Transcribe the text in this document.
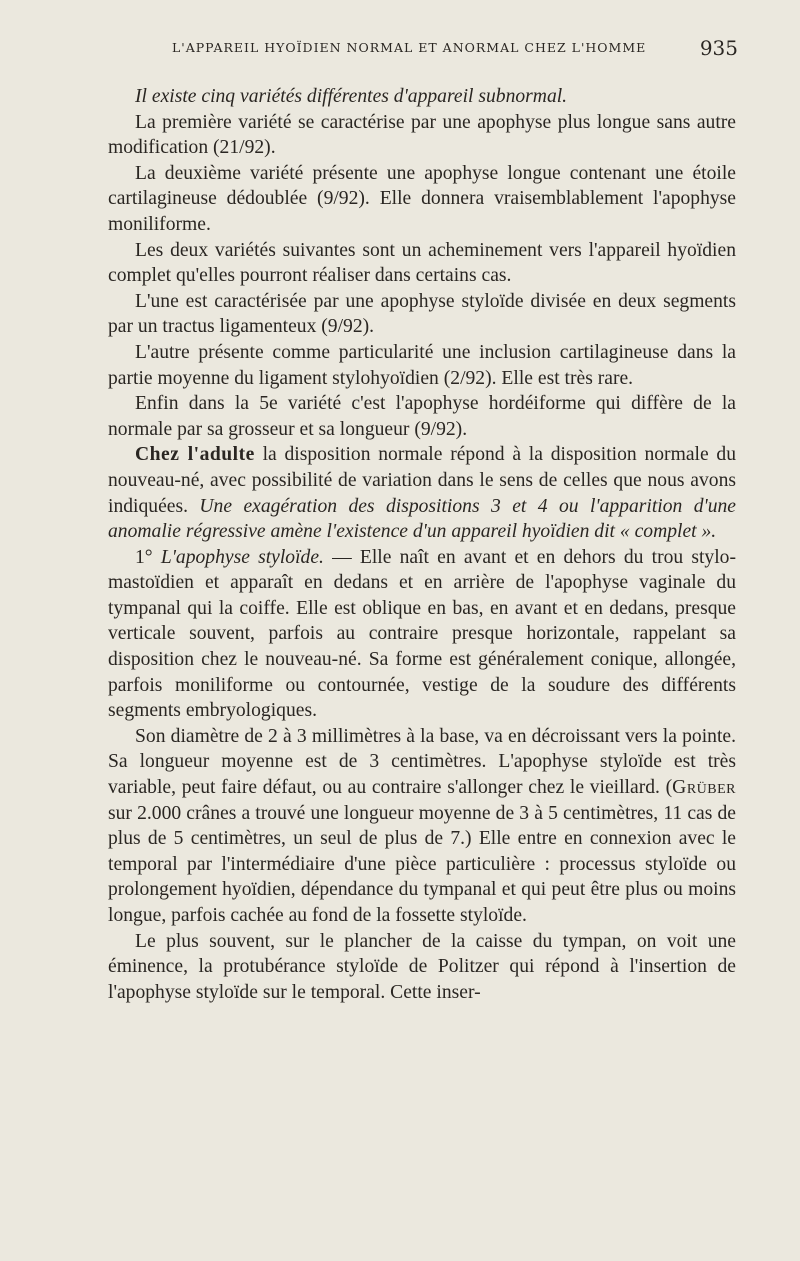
L'APPAREIL HYOÏDIEN NORMAL ET ANORMAL CHEZ L'HOMME	935

Il existe cinq variétés différentes d'appareil subnormal.

La première variété se caractérise par une apophyse plus longue sans autre modification (21/92).

La deuxième variété présente une apophyse longue contenant une étoile cartilagineuse dédoublée (9/92). Elle donnera vraisemblablement l'apophyse moniliforme.

Les deux variétés suivantes sont un acheminement vers l'appareil hyoïdien complet qu'elles pourront réaliser dans certains cas.

L'une est caractérisée par une apophyse styloïde divisée en deux segments par un tractus ligamenteux (9/92).

L'autre présente comme particularité une inclusion cartilagineuse dans la partie moyenne du ligament stylohyoïdien (2/92). Elle est très rare.

Enfin dans la 5e variété c'est l'apophyse hordéiforme qui diffère de la normale par sa grosseur et sa longueur (9/92).

Chez l'adulte la disposition normale répond à la disposition normale du nouveau-né, avec possibilité de variation dans le sens de celles que nous avons indiquées. Une exagération des dispositions 3 et 4 ou l'apparition d'une anomalie régressive amène l'existence d'un appareil hyoïdien dit « complet ».

1° L'apophyse styloïde. — Elle naît en avant et en dehors du trou stylo-mastoïdien et apparaît en dedans et en arrière de l'apophyse vaginale du tympanal qui la coiffe. Elle est oblique en bas, en avant et en dedans, presque verticale souvent, parfois au contraire presque horizontale, rappelant sa disposition chez le nouveau-né. Sa forme est généralement conique, allongée, parfois moniliforme ou contournée, vestige de la soudure des différents segments embryologiques.

Son diamètre de 2 à 3 millimètres à la base, va en décroissant vers la pointe. Sa longueur moyenne est de 3 centimètres. L'apophyse styloïde est très variable, peut faire défaut, ou au contraire s'allonger chez le vieillard. (Grüber sur 2.000 crânes a trouvé une longueur moyenne de 3 à 5 centimètres, 11 cas de plus de 5 centimètres, un seul de plus de 7.) Elle entre en connexion avec le temporal par l'intermédiaire d'une pièce particulière : processus styloïde ou prolongement hyoïdien, dépendance du tympanal et qui peut être plus ou moins longue, parfois cachée au fond de la fossette styloïde.

Le plus souvent, sur le plancher de la caisse du tympan, on voit une éminence, la protubérance styloïde de Politzer qui répond à l'insertion de l'apophyse styloïde sur le temporal. Cette inser-
